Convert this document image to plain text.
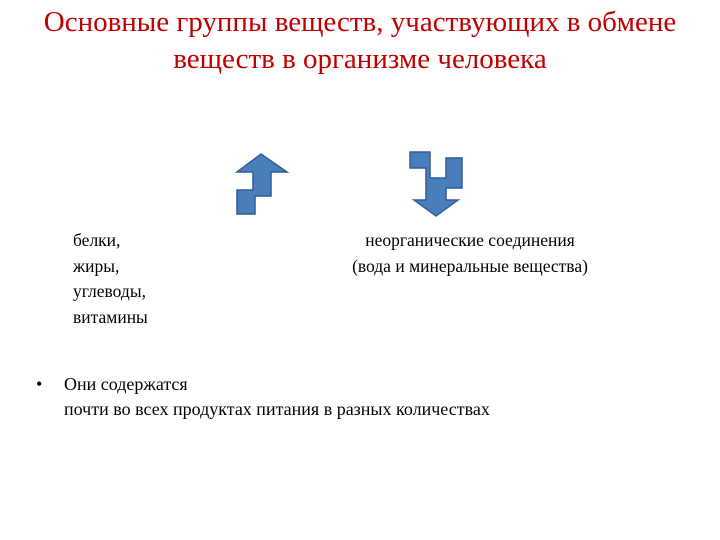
Основные группы веществ, участвующих в обмене веществ в организме человека
белки,
жиры,
углеводы,
витамины
неорганические соединения
(вода и минеральные вещества)
• Они содержатся
почти во всех продуктах питания в разных количествах
